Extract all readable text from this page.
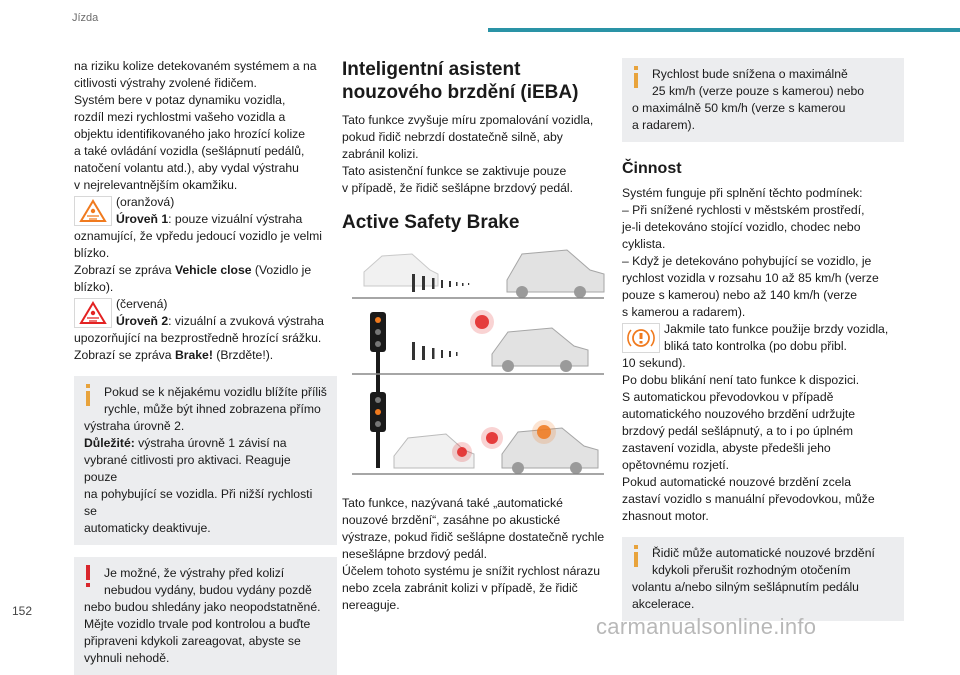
Jízda

na riziku kolize detekovaném systémem a na
citlivosti výstrahy zvolené řidičem.
Systém bere v potaz dynamiku vozidla,
rozdíl mezi rychlostmi vašeho vozidla a
objektu identifikovaného jako hrozící kolize
a také ovládání vozidla (sešlápnutí pedálů,
natočení volantu atd.), aby vydal výstrahu
v nejrelevantnějším okamžiku.

(oranžová)
Úroveň 1: pouze vizuální výstraha

oznamující, že vpředu jedoucí vozidlo je velmi
blízko.
Zobrazí se zpráva Vehicle close (Vozidlo je
blízko).

(červená)
Úroveň 2: vizuální a zvuková výstraha

upozorňující na bezprostředně hrozící srážku.
Zobrazí se zpráva Brake! (Brzděte!).

Pokud se k nějakému vozidlu blížíte příliš
rychle, může být ihned zobrazena přímo
výstraha úrovně 2.
Důležité: výstraha úrovně 1 závisí na
vybrané citlivosti pro aktivaci. Reaguje pouze
na pohybující se vozidla. Při nižší rychlosti se
automaticky deaktivuje.

Je možné, že výstrahy před kolizí
nebudou vydány, budou vydány pozdě
nebo budou shledány jako neopodstatněné.
Mějte vozidlo trvale pod kontrolou a buďte
připraveni kdykoli zareagovat, abyste se
vyhnuli nehodě.

Inteligentní asistent
nouzového brzdění (iEBA)

Tato funkce zvyšuje míru zpomalování vozidla,
pokud řidič nebrzdí dostatečně silně, aby
zabránil kolizi.
Tato asistenční funkce se zaktivuje pouze
v případě, že řidič sešlápne brzdový pedál.

Active Safety Brake

Tato funkce, nazývaná také „automatické
nouzové brzdění“, zasáhne po akustické
výstraze, pokud řidič sešlápne dostatečně rychle
nesešlápne brzdový pedál.
Účelem tohoto systému je snížit rychlost nárazu
nebo zcela zabránit kolizi v případě, že řidič
nereaguje.

Rychlost bude snížena o maximálně
25 km/h (verze pouze s kamerou) nebo
o maximálně 50 km/h (verze s kamerou
a radarem).

Činnost

Systém funguje při splnění těchto podmínek:
– Při snížené rychlosti v městském prostředí,
je-li detekováno stojící vozidlo, chodec nebo
cyklista.
– Když je detekováno pohybující se vozidlo, je
rychlost vozidla v rozsahu 10 až 85 km/h (verze
pouze s kamerou) nebo až 140 km/h (verze
s kamerou a radarem).

Jakmile tato funkce použije brzdy vozidla,
bliká tato kontrolka (po dobu přibl.

10 sekund).
Po dobu blikání není tato funkce k dispozici.
S automatickou převodovkou v případě
automatického nouzového brzdění udržujte
brzdový pedál sešlápnutý, a to i po úplném
zastavení vozidla, abyste předešli jeho
opětovnému rozjetí.
Pokud automatické nouzové brzdění zcela
zastaví vozidlo s manuální převodovkou, může
zhasnout motor.

Řidič může automatické nouzové brzdění
kdykoli přerušit rozhodným otočením
volantu a/nebo silným sešlápnutím pedálu
akcelerace.

152
carmanualsonline.info
